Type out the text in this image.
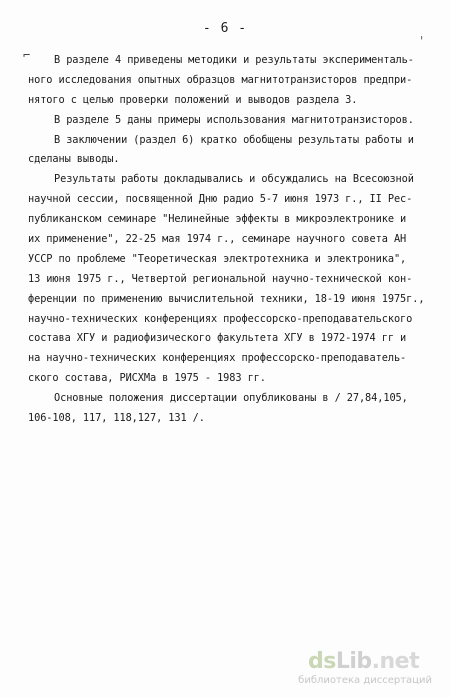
- 6 -
⌐
'
В разделе 4 приведены методики и результаты эксперименталь-
ного исследования опытных образцов магнитотранзисторов предпри-
нятого с целью проверки положений и выводов раздела 3.
В разделе 5 даны примеры использования магнитотранзисторов.
В заключении (раздел 6) кратко обобщены результаты работы и
сделаны выводы.
Результаты работы докладывались и обсуждались на Всесоюзной
научной сессии, посвященной Дню радио 5-7 июня 1973 г., II Рес-
публиканском семинаре "Нелинейные эффекты в микроэлектронике и
их применение", 22-25 мая 1974 г., семинаре научного совета АН
УССР по проблеме "Теоретическая электротехника и электроника",
13 июня 1975 г., Четвертой региональной научно-технической кон-
ференции по применению вычислительной техники, 18-19 июня 1975г.,
научно-технических конференциях профессорско-преподавательского
состава ХГУ и радиофизического факультета ХГУ в 1972-1974 гг и
на научно-технических конференциях профессорско-преподаватель-
ского состава, РИСХМа в 1975 - 1983 гг.
Основные положения диссертации опубликованы в / 27,84,105,
106-108, 117, 118,127, 131 /.
dsLib.net
библиотека диссертаций
